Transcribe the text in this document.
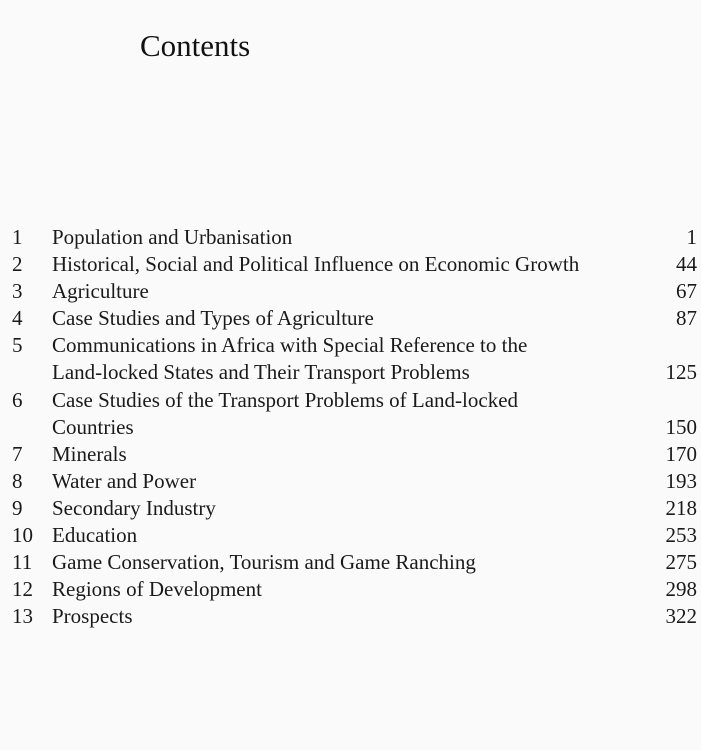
Contents
1	Population and Urbanisation	1
2	Historical, Social and Political Influence on Economic Growth	44
3	Agriculture	67
4	Case Studies and Types of Agriculture	87
5	Communications in Africa with Special Reference to the
Land-locked States and Their Transport Problems	125
6	Case Studies of the Transport Problems of Land-locked
Countries	150
7	Minerals	170
8	Water and Power	193
9	Secondary Industry	218
10 Education	253
11 Game Conservation, Tourism and Game Ranching	275
12 Regions of Development	298
13 Prospects	322
